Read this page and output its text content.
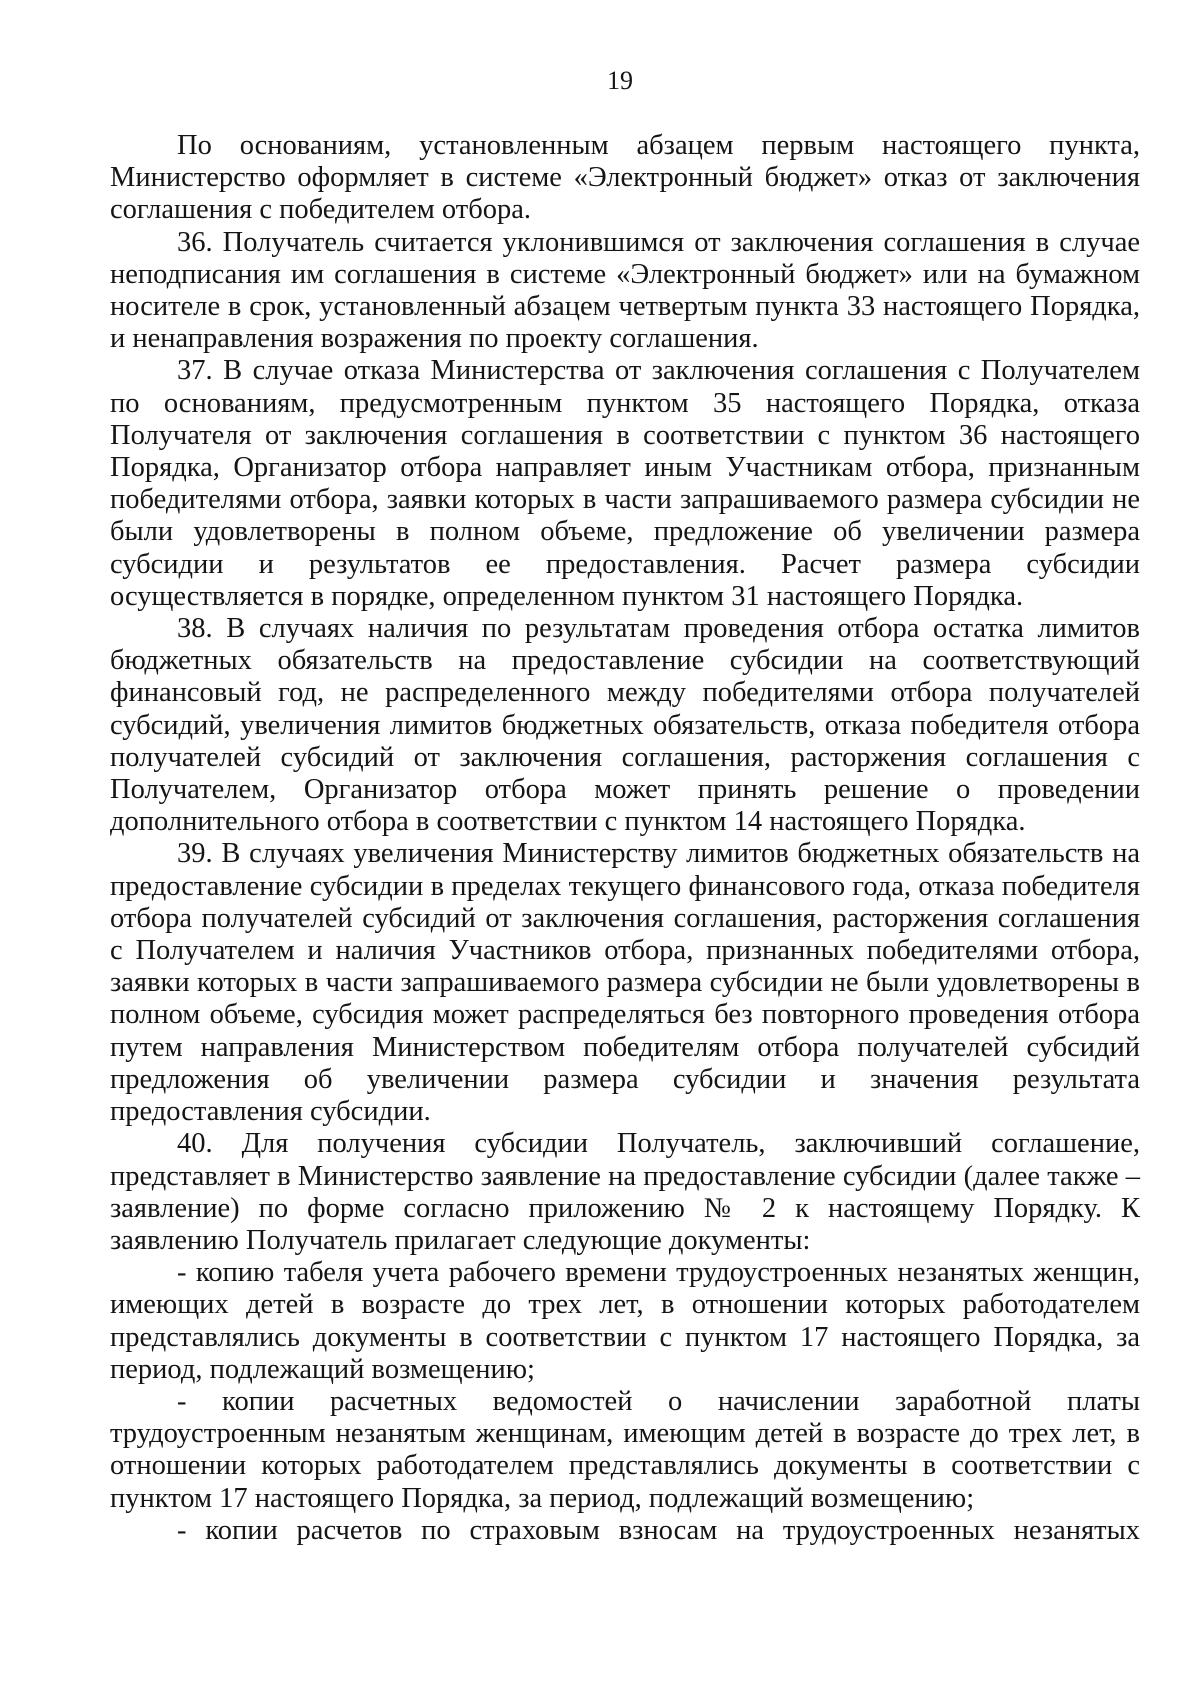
19

По основаниям, установленным абзацем первым настоящего пункта, Министерство оформляет в системе «Электронный бюджет» отказ от заключения соглашения с победителем отбора.

36. Получатель считается уклонившимся от заключения соглашения в случае неподписания им соглашения в системе «Электронный бюджет» или на бумажном носителе в срок, установленный абзацем четвертым пункта 33 настоящего Порядка, и ненаправления возражения по проекту соглашения.

37. В случае отказа Министерства от заключения соглашения с Получателем по основаниям, предусмотренным пунктом 35 настоящего Порядка, отказа Получателя от заключения соглашения в соответствии с пунктом 36 настоящего Порядка, Организатор отбора направляет иным Участникам отбора, признанным победителями отбора, заявки которых в части запрашиваемого размера субсидии не были удовлетворены в полном объеме, предложение об увеличении размера субсидии и результатов ее предоставления. Расчет размера субсидии осуществляется в порядке, определенном пунктом 31 настоящего Порядка.

38. В случаях наличия по результатам проведения отбора остатка лимитов бюджетных обязательств на предоставление субсидии на соответствующий финансовый год, не распределенного между победителями отбора получателей субсидий, увеличения лимитов бюджетных обязательств, отказа победителя отбора получателей субсидий от заключения соглашения, расторжения соглашения с Получателем, Организатор отбора может принять решение о проведении дополнительного отбора в соответствии с пунктом 14 настоящего Порядка.

39. В случаях увеличения Министерству лимитов бюджетных обязательств на предоставление субсидии в пределах текущего финансового года, отказа победителя отбора получателей субсидий от заключения соглашения, расторжения соглашения с Получателем и наличия Участников отбора, признанных победителями отбора, заявки которых в части запрашиваемого размера субсидии не были удовлетворены в полном объеме, субсидия может распределяться без повторного проведения отбора путем направления Министерством победителям отбора получателей субсидий предложения об увеличении размера субсидии и значения результата предоставления субсидии.

40. Для получения субсидии Получатель, заключивший соглашение, представляет в Министерство заявление на предоставление субсидии (далее также – заявление) по форме согласно приложению № 2 к настоящему Порядку. К заявлению Получатель прилагает следующие документы:

- копию табеля учета рабочего времени трудоустроенных незанятых женщин, имеющих детей в возрасте до трех лет, в отношении которых работодателем представлялись документы в соответствии с пунктом 17 настоящего Порядка, за период, подлежащий возмещению;

- копии расчетных ведомостей о начислении заработной платы трудоустроенным незанятым женщинам, имеющим детей в возрасте до трех лет, в отношении которых работодателем представлялись документы в соответствии с пунктом 17 настоящего Порядка, за период, подлежащий возмещению;

- копии расчетов по страховым взносам на трудоустроенных незанятых
